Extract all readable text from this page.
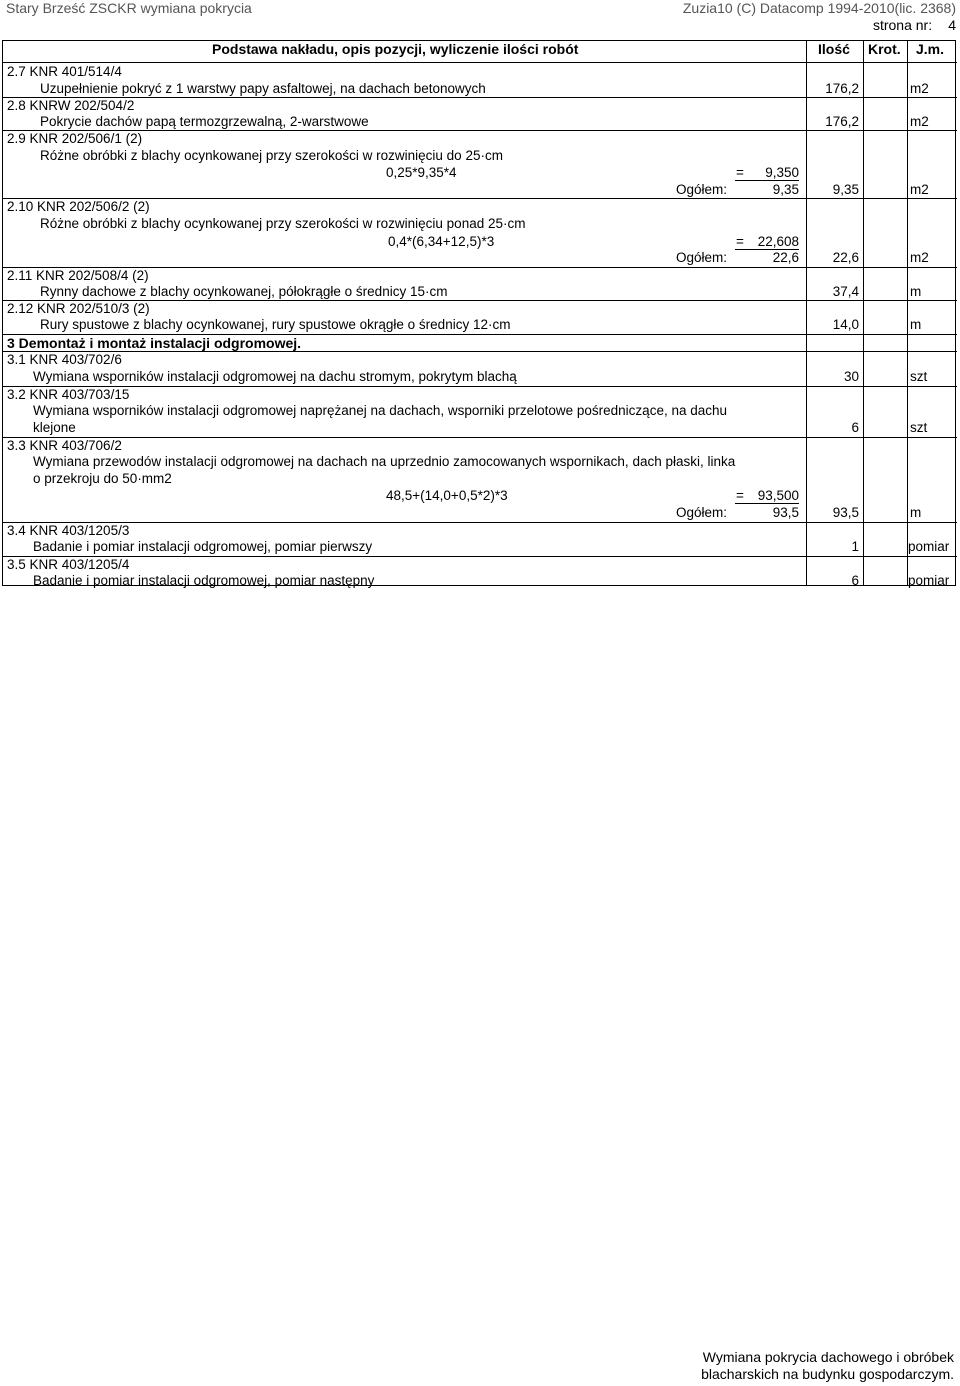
Stary Brześć ZSCKR wymiana pokrycia	Zuzia10 (C) Datacomp 1994-2010(lic. 2368)
strona nr: 4
Podstawa nakładu, opis pozycji, wyliczenie ilości robót	Ilość Krot. J.m.
2.7 KNR 401/514/4
Uzupełnienie pokryć z 1 warstwy papy asfaltowej, na dachach betonowych	176,2	m2
2.8 KNRW 202/504/2
Pokrycie dachów papą termozgrzewalną, 2-warstwowe	176,2	m2
2.9 KNR 202/506/1 (2)
Różne obróbki z blachy ocynkowanej przy szerokości w rozwinięciu do 25·cm
0,25*9,35*4	=	9,350
Ogółem:	9,35	9,35	m2
2.10 KNR 202/506/2 (2)
Różne obróbki z blachy ocynkowanej przy szerokości w rozwinięciu ponad 25·cm
0,4*(6,34+12,5)*3	=	22,608
Ogółem:	22,6	22,6	m2
2.11 KNR 202/508/4 (2)
Rynny dachowe z blachy ocynkowanej, półokrągłe o średnicy 15·cm	37,4	m
2.12 KNR 202/510/3 (2)
Rury spustowe z blachy ocynkowanej, rury spustowe okrągłe o średnicy 12·cm	14,0	m
3 Demontaż i montaż instalacji odgromowej.
3.1 KNR 403/702/6
Wymiana wsporników instalacji odgromowej na dachu stromym, pokrytym blachą	30	szt
3.2 KNR 403/703/15
Wymiana wsporników instalacji odgromowej naprężanej na dachach, wsporniki przelotowe pośredniczące, na dachu
klejone	6	szt
3.3 KNR 403/706/2
Wymiana przewodów instalacji odgromowej na dachach na uprzednio zamocowanych wspornikach, dach płaski, linka
o przekroju do 50·mm2
48,5+(14,0+0,5*2)*3	=	93,500
Ogółem:	93,5	93,5	m
3.4 KNR 403/1205/3
Badanie i pomiar instalacji odgromowej, pomiar pierwszy	1	pomiar
3.5 KNR 403/1205/4
Badanie i pomiar instalacji odgromowej, pomiar następny	6	pomiar
Wymiana pokrycia dachowego i obróbek
blacharskich na budynku gospodarczym.
